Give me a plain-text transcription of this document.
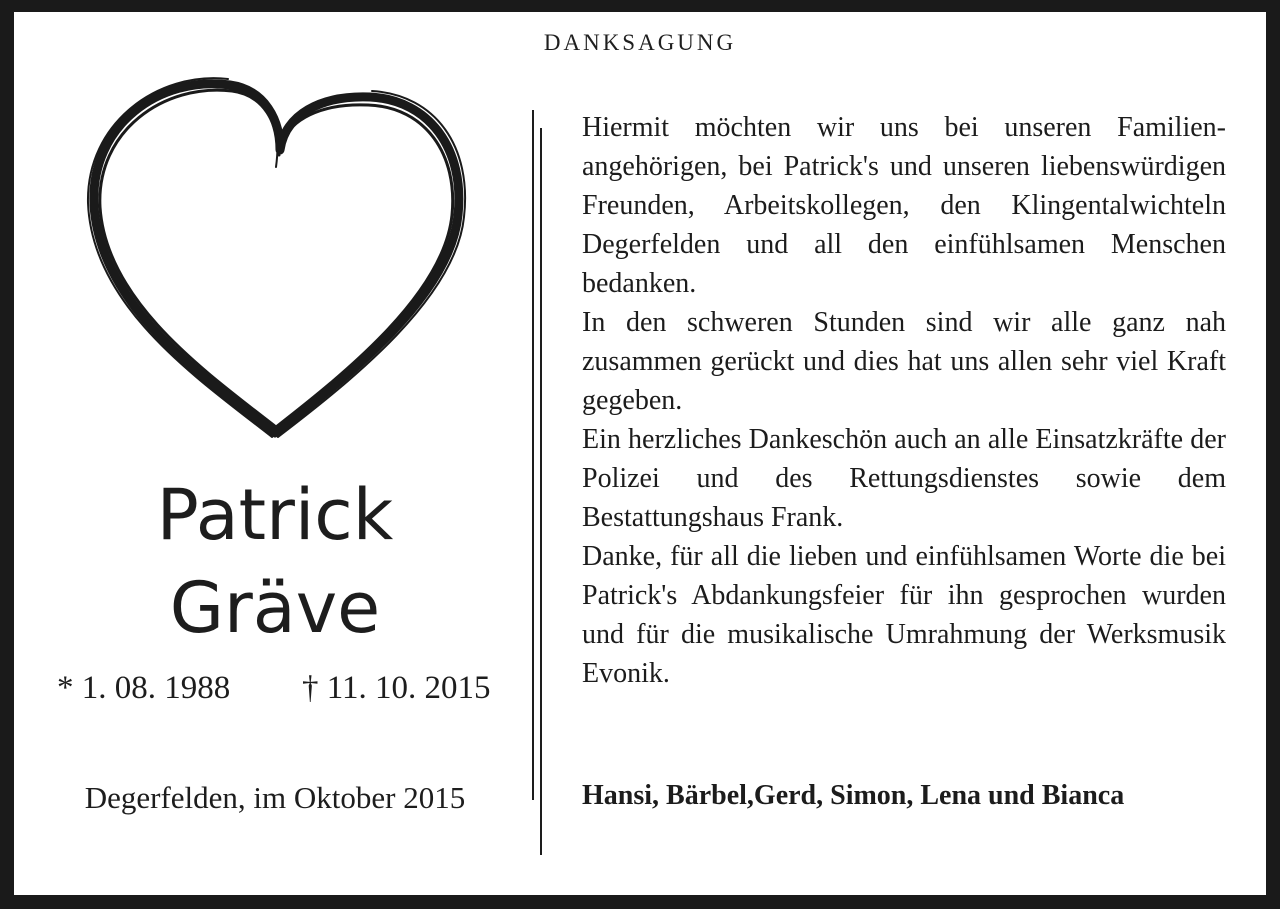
DANKSAGUNG
Patrick
Gräve
* 1. 08. 1988 † 11. 10. 2015
Degerfelden, im Oktober 2015

Hiermit möchten wir uns bei unseren Familienangehörigen, bei Patrick's und unseren liebenswürdigen Freunden, Arbeitskollegen, den Klingentalwichteln Degerfelden und all den einfühlsamen Menschen bedanken.

In den schweren Stunden sind wir alle ganz nah zusammen gerückt und dies hat uns allen sehr viel Kraft gegeben.

Ein herzliches Dankeschön auch an alle Einsatzkräfte der Polizei und des Rettungsdienstes sowie dem Bestattungshaus Frank.

Danke, für all die lieben und einfühlsamen Worte die bei Patrick's Abdankungsfeier für ihn gesprochen wurden und für die musikalische Umrahmung der Werksmusik Evonik.

Hansi, Bärbel,Gerd, Simon, Lena und Bianca
